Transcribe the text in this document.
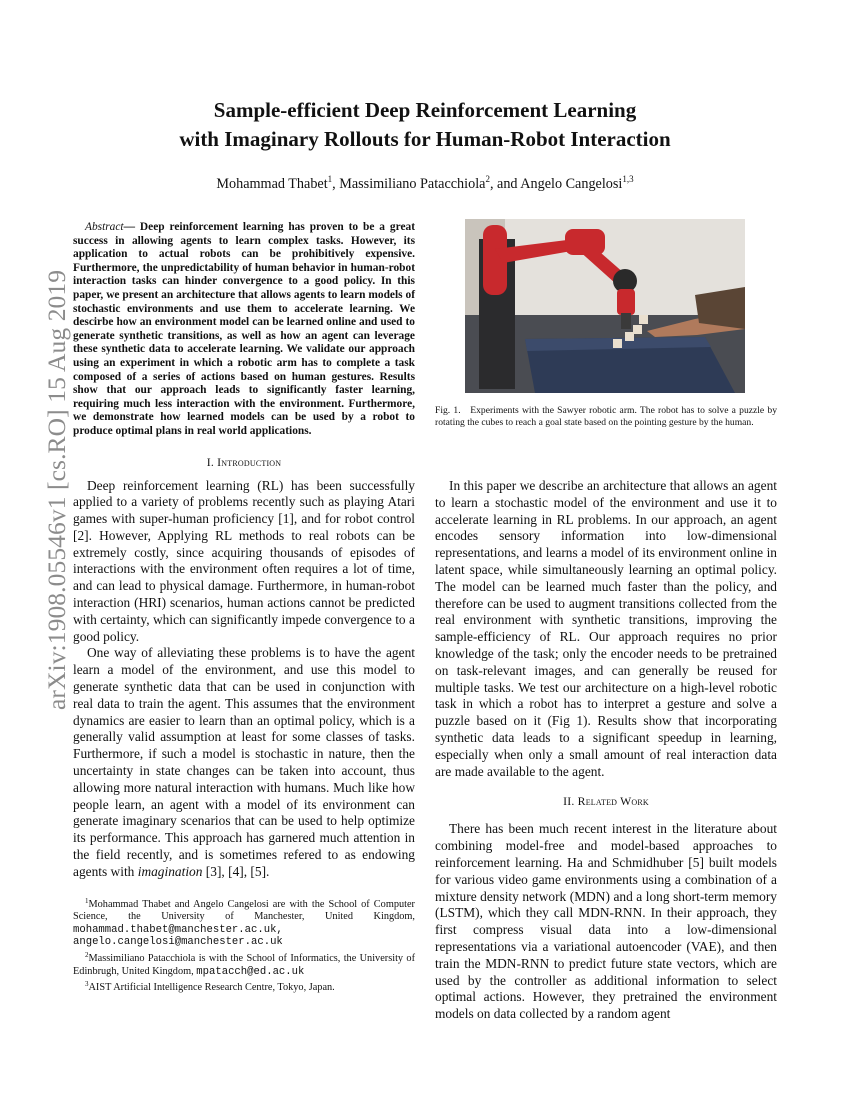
arXiv:1908.05546v1 [cs.RO] 15 Aug 2019
Sample-efficient Deep Reinforcement Learning
with Imaginary Rollouts for Human-Robot Interaction
Mohammad Thabet$^1$, Massimiliano Patacchiola$^2$, and Angelo Cangelosi$^{1,3}$

Abstract— Deep reinforcement learning has proven to be a great success in allowing agents to learn complex tasks. However, its application to actual robots can be prohibitively expensive. Furthermore, the unpredictability of human behavior in human-robot interaction tasks can hinder convergence to a good policy. In this paper, we present an architecture that allows agents to learn models of stochastic environments and use them to accelerate learning. We descirbe how an environment model can be learned online and used to generate synthetic transitions, as well as how an agent can leverage these synthetic data to accelerate learning. We validate our approach using an experiment in which a robotic arm has to complete a task composed of a series of actions based on human gestures. Results show that our approach leads to significantly faster learning, requiring much less interaction with the environment. Furthermore, we demonstrate how learned models can be used by a robot to produce optimal plans in real world applications.

I. Introduction

Deep reinforcement learning (RL) has been successfully applied to a variety of problems recently such as playing Atari games with super-human proficiency [1], and for robot control [2]. However, Applying RL methods to real robots can be extremely costly, since acquiring thousands of episodes of interactions with the environment often requires a lot of time, and can lead to physical damage. Furthermore, in human-robot interaction (HRI) scenarios, human actions cannot be predicted with certainty, which can significantly impede convergence to a good policy.

One way of alleviating these problems is to have the agent learn a model of the environment, and use this model to generate synthetic data that can be used in conjunction with real data to train the agent. This assumes that the environment dynamics are easier to learn than an optimal policy, which is a generally valid assumption at least for some classes of tasks. Furthermore, if such a model is stochastic in nature, then the uncertainty in state changes can be taken into account, thus allowing more natural interaction with humans. Much like how people learn, an agent with a model of its environment can generate imaginary scenarios that can be used to help optimize its performance. This approach has garnered much attention in the field recently, and is sometimes refered to as endowing agents with imagination [3], [4], [5].

$^1$Mohammad Thabet and Angelo Cangelosi are with the School of Computer Science, the University of Manchester, United Kingdom, mohammad.thabet@manchester.ac.uk, angelo.cangelosi@manchester.ac.uk

$^2$Massimiliano Patacchiola is with the School of Informatics, the University of Edinbrugh, United Kingdom, mpatacch@ed.ac.uk

$^3$AIST Artificial Intelligence Research Centre, Tokyo, Japan.

Fig. 1. Experiments with the Sawyer robotic arm. The robot has to solve a puzzle by rotating the cubes to reach a goal state based on the pointing gesture by the human.

In this paper we describe an architecture that allows an agent to learn a stochastic model of the environment and use it to accelerate learning in RL problems. In our approach, an agent encodes sensory information into low-dimensional representations, and learns a model of its environment online in latent space, while simultaneously learning an optimal policy. The model can be learned much faster than the policy, and therefore can be used to augment transitions collected from the real environment with synthetic transitions, improving the sample-efficiency of RL. Our approach requires no prior knowledge of the task; only the encoder needs to be pretrained on task-relevant images, and can generally be reused for multiple tasks. We test our architecture on a high-level robotic task in which a robot has to interpret a gesture and solve a puzzle based on it (Fig 1). Results show that incorporating synthetic data leads to a significant speedup in learning, especially when only a small amount of real interaction data are made available to the agent.

II. Related Work

There has been much recent interest in the literature about combining model-free and model-based approaches to reinforcement learning. Ha and Schmidhuber [5] built models for various video game environments using a combination of a mixture density network (MDN) and a long short-term memory (LSTM), which they call MDN-RNN. In their approach, they first compress visual data into a low-dimensional representations via a variational autoencoder (VAE), and then train the MDN-RNN to predict future state vectors, which are used by the controller as additional information to select optimal actions. However, they pretrained the environment models on data collected by a random agent
